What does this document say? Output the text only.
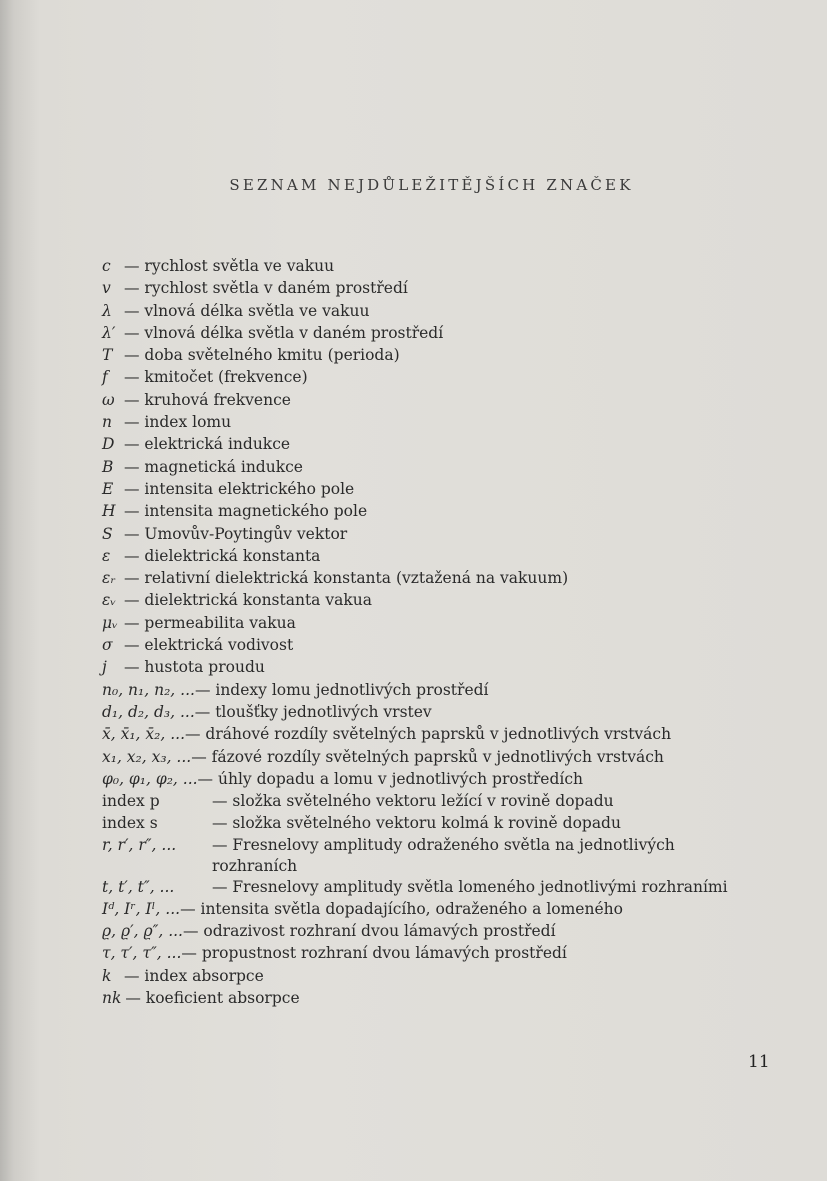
SEZNAM NEJDŮLEŽITĚJŠÍCH ZNAČEK
c — rychlost světla ve vakuu
v — rychlost světla v daném prostředí
λ — vlnová délka světla ve vakuu
λ′ — vlnová délka světla v daném prostředí
T — doba světelného kmitu (perioda)
f	— kmitočet (frekvence)
ω — kruhová frekvence
n — index lomu
D — elektrická indukce
B — magnetická indukce
E — intensita elektrického pole
H — intensita magnetického pole
S — Umovův-Poytingův vektor
ε — dielektrická konstanta
εᵣ — relativní dielektrická konstanta (vztažená na vakuum)
εᵥ — dielektrická konstanta vakua
μᵥ — permeabilita vakua
σ — elektrická vodivost
j	— hustota proudu
n₀, n₁, n₂, ... — indexy lomu jednotlivých prostředí
d₁, d₂, d₃, ... — tloušťky jednotlivých vrstev
x̄, x̄₁, x̄₂, ... — dráhové rozdíly světelných paprsků v jednotlivých vrstvách
x₁, x₂, x₃, ... — fázové rozdíly světelných paprsků v jednotlivých vrstvách
φ₀, φ₁, φ₂, ... — úhly dopadu a lomu v jednotlivých prostředích
index p	— složka světelného vektoru ležící v rovině dopadu
index s	— složka světelného vektoru kolmá k rovině dopadu
r, r′, r″, ...	— Fresnelovy amplitudy odraženého světla na jednotlivých rozhraních
t, t′, t″, ...	— Fresnelovy amplitudy světla lomeného jednotlivými rozhraními
Iᵈ, Iʳ, Iˡ, ... — intensita světla dopadajícího, odraženého a lomeného
ϱ, ϱ′, ϱ″, ... — odrazivost rozhraní dvou lámavých prostředí
τ, τ′, τ″, ... — propustnost rozhraní dvou lámavých prostředí
k — index absorpce
nk — koeficient absorpce
11
